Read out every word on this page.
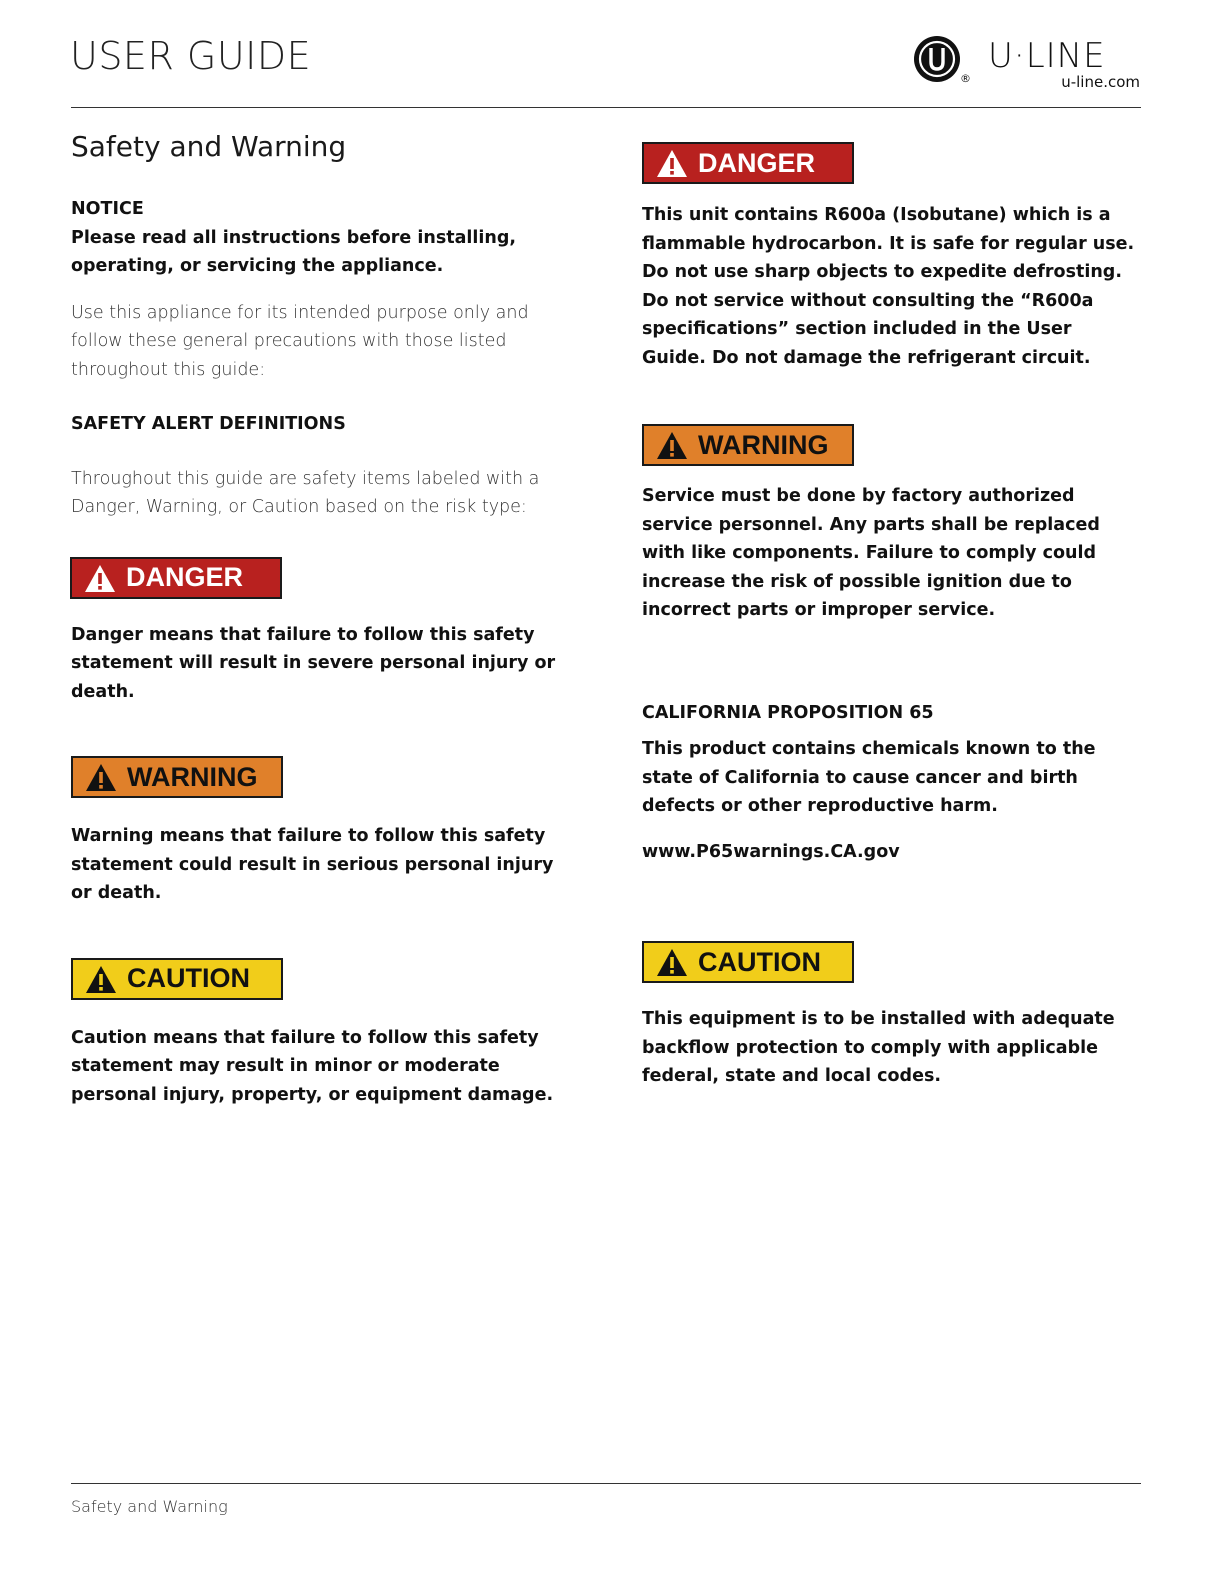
USER GUIDE
®
U·LINE
u-line.com
Safety and Warning

NOTICE

Please read all instructions before installing, operating, or servicing the appliance.

Use this appliance for its intended purpose only and follow these general precautions with those listed throughout this guide:

SAFETY ALERT DEFINITIONS

Throughout this guide are safety items labeled with a Danger, Warning, or Caution based on the risk type:

DANGER

Danger means that failure to follow this safety statement will result in severe personal injury or death.

WARNING

Warning means that failure to follow this safety statement could result in serious personal injury or death.

CAUTION

Caution means that failure to follow this safety statement may result in minor or moderate personal injury, property, or equipment damage.

DANGER

This unit contains R600a (Isobutane) which is a flammable hydrocarbon. It is safe for regular use. Do not use sharp objects to expedite defrosting. Do not service without consulting the “R600a specifications” section included in the User Guide. Do not damage the refrigerant circuit.

WARNING

Service must be done by factory authorized service personnel. Any parts shall be replaced with like components. Failure to comply could increase the risk of possible ignition due to incorrect parts or improper service.

CALIFORNIA PROPOSITION 65

This product contains chemicals known to the state of California to cause cancer and birth defects or other reproductive harm.

www.P65warnings.CA.gov

CAUTION

This equipment is to be installed with adequate backflow protection to comply with applicable federal, state and local codes.

Safety and Warning
